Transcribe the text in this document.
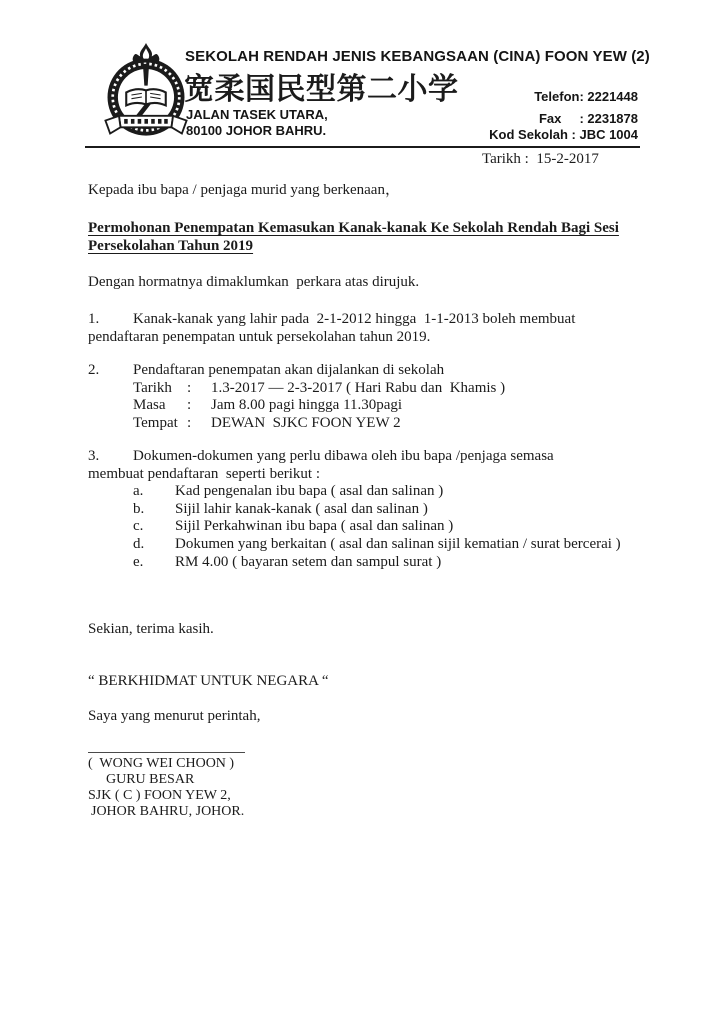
SEKOLAH RENDAH JENIS KEBANGSAAN (CINA) FOON YEW (2)
宽柔国民型第二小学
JALAN TASEK UTARA,
80100 JOHOR BAHRU.
Telefon: 2221448
Fax     : 2231878
Kod Sekolah : JBC 1004
Tarikh :  15-2-2017
Kepada ibu bapa / penjaga murid yang berkenaan，
Permohonan Penempatan Kemasukan Kanak-kanak Ke Sekolah Rendah Bagi Sesi
Persekolahan Tahun 2019
Dengan hormatnya dimaklumkan  perkara atas dirujuk.
1.	Kanak-kanak yang lahir pada  2-1-2012 hingga  1-1-2013 boleh membuat
pendaftaran penempatan untuk persekolahan tahun 2019.
2.	Pendaftaran penempatan akan dijalankan di sekolah
Tarikh	: 1.3-2017 — 2-3-2017 ( Hari Rabu dan  Khamis )
Masa	: Jam 8.00 pagi hingga 11.30pagi
Tempat : DEWAN  SJKC FOON YEW 2
3.	Dokumen-dokumen yang perlu dibawa oleh ibu bapa /penjaga semasa
membuat pendaftaran  seperti berikut :
a.	Kad pengenalan ibu bapa ( asal dan salinan )
b.	Sijil lahir kanak-kanak ( asal dan salinan )
c.	Sijil Perkahwinan ibu bapa ( asal dan salinan )
d.	Dokumen yang berkaitan ( asal dan salinan sijil kematian / surat bercerai )
e.	RM 4.00 ( bayaran setem dan sampul surat )
Sekian, terima kasih.
“ BERKHIDMAT UNTUK NEGARA “
Saya yang menurut perintah,
(  WONG WEI CHOON )
GURU BESAR
SJK ( C ) FOON YEW 2,
JOHOR BAHRU, JOHOR.
